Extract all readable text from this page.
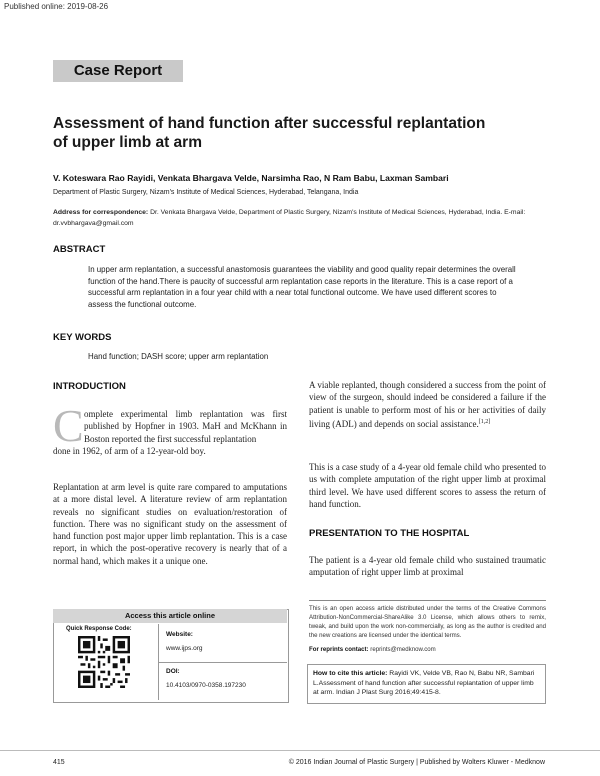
Published online: 2019-08-26
Case Report
Assessment of hand function after successful replantation
of upper limb at arm
V. Koteswara Rao Rayidi, Venkata Bhargava Velde, Narsimha Rao, N Ram Babu, Laxman Sambari
Department of Plastic Surgery, Nizam's Institute of Medical Sciences, Hyderabad, Telangana, India
Address for correspondence: Dr. Venkata Bhargava Velde, Department of Plastic Surgery, Nizam's Institute of Medical Sciences, Hyderabad, India. E-mail: dr.vvbhargava@gmail.com
ABSTRACT
In upper arm replantation, a successful anastomosis guarantees the viability and good quality repair determines the overall function of the hand.There is paucity of successful arm replantation case reports in the literature. This is a case report of a successful arm replantation in a four year child with a near total functional outcome. We have used different scores to assess the functional outcome.
KEY WORDS
Hand function; DASH score; upper arm replantation
INTRODUCTION
C omplete experimental limb replantation was first published by Hopfner in 1903. MaH and McKhann in Boston reported the first successful replantation
done in 1962, of arm of a 12-year-old boy.
Replantation at arm level is quite rare compared to amputations at a more distal level. A literature review of arm replantation reveals no significant studies on evaluation/restoration of function. There was no significant study on the assessment of hand function post major upper limb replantation. This is a case report, in which the post-operative recovery is nearly that of a normal hand, which makes it a unique one.
A viable replanted, though considered a success from the point of view of the surgeon, should indeed be considered a failure if the patient is unable to perform most of his or her activities of daily living (ADL) and depends on social assistance.[1,2]
This is a case study of a 4-year old female child who presented to us with complete amputation of the right upper limb at proximal third level. We have used different scores to assess the return of hand function.
PRESENTATION TO THE HOSPITAL
The patient is a 4-year old female child who sustained traumatic amputation of right upper limb at proximal
Access this article online
Quick Response Code:
Website:
www.ijps.org
DOI:
10.4103/0970-0358.197230
This is an open access article distributed under the terms of the Creative Commons Attribution-NonCommercial-ShareAlike 3.0 License, which allows others to remix, tweak, and build upon the work non-commercially, as long as the author is credited and the new creations are licensed under the identical terms.
For reprints contact: reprints@medknow.com
How to cite this article: Rayidi VK, Velde VB, Rao N, Babu NR, Sambari L.Assessment of hand function after successful replantation of upper limb at arm. Indian J Plast Surg 2016;49:415-8.
415	© 2016 Indian Journal of Plastic Surgery | Published by Wolters Kluwer - Medknow
